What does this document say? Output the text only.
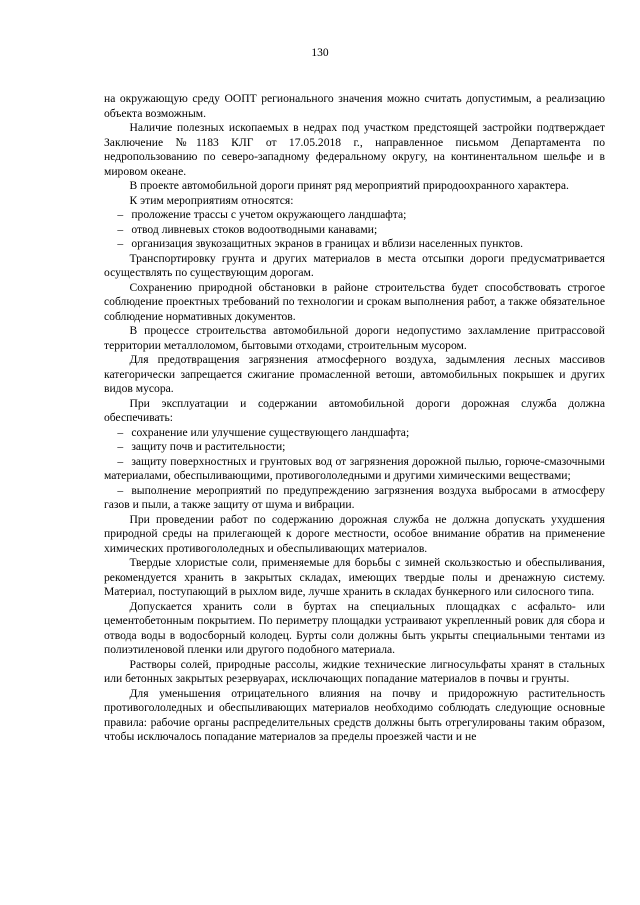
130

на окружающую среду ООПТ регионального значения можно считать допустимым, а реализацию объекта возможным.

Наличие полезных ископаемых в недрах под участком предстоящей застройки подтверждает Заключение №1183 КЛГ от 17.05.2018 г., направленное письмом Департамента по недропользованию по северо-западному федеральному округу, на континентальном шельфе и в мировом океане.

В проекте автомобильной дороги принят ряд мероприятий природоохранного характера.

К этим мероприятиям относятся:

– проложение трассы с учетом окружающего ландшафта;

– отвод ливневых стоков водоотводными канавами;

– организация звукозащитных экранов в границах и вблизи населенных пунктов.

Транспортировку грунта и других материалов в места отсыпки дороги предусматривается осуществлять по существующим дорогам.

Сохранению природной обстановки в районе строительства будет способствовать строгое соблюдение проектных требований по технологии и срокам выполнения работ, а также обязательное соблюдение нормативных документов.

В процессе строительства автомобильной дороги недопустимо захламление притрассовой территории металлоломом, бытовыми отходами, строительным мусором.

Для предотвращения загрязнения атмосферного воздуха, задымления лесных массивов категорически запрещается сжигание промасленной ветоши, автомобильных покрышек и других видов мусора.

При эксплуатации и содержании автомобильной дороги дорожная служба должна обеспечивать:

– сохранение или улучшение существующего ландшафта;

– защиту почв и растительности;

– защиту поверхностных и грунтовых вод от загрязнения дорожной пылью, горюче-смазочными материалами, обеспыливающими, противогололедными и другими химическими веществами;

– выполнение мероприятий по предупреждению загрязнения воздуха выбросами в атмосферу газов и пыли, а также защиту от шума и вибрации.

При проведении работ по содержанию дорожная служба не должна допускать ухудшения природной среды на прилегающей к дороге местности, особое внимание обратив на применение химических противогололедных и обеспыливающих материалов.

Твердые хлористые соли, применяемые для борьбы с зимней скользкостью и обеспыливания, рекомендуется хранить в закрытых складах, имеющих твердые полы и дренажную систему. Материал, поступающий в рыхлом виде, лучше хранить в складах бункерного или силосного типа.

Допускается хранить соли в буртах на специальных площадках с асфальто- или цементобетонным покрытием. По периметру площадки устраивают укрепленный ровик для сбора и отвода воды в водосборный колодец. Бурты соли должны быть укрыты специальными тентами из полиэтиленовой пленки или другого подобного материала.

Растворы солей, природные рассолы, жидкие технические лигносульфаты хранят в стальных или бетонных закрытых резервуарах, исключающих попадание материалов в почвы и грунты.

Для уменьшения отрицательного влияния на почву и придорожную растительность противогололедных и обеспыливающих материалов необходимо соблюдать следующие основные правила: рабочие органы распределительных средств должны быть отрегулированы таким образом, чтобы исключалось попадание материалов за пределы проезжей части и не
